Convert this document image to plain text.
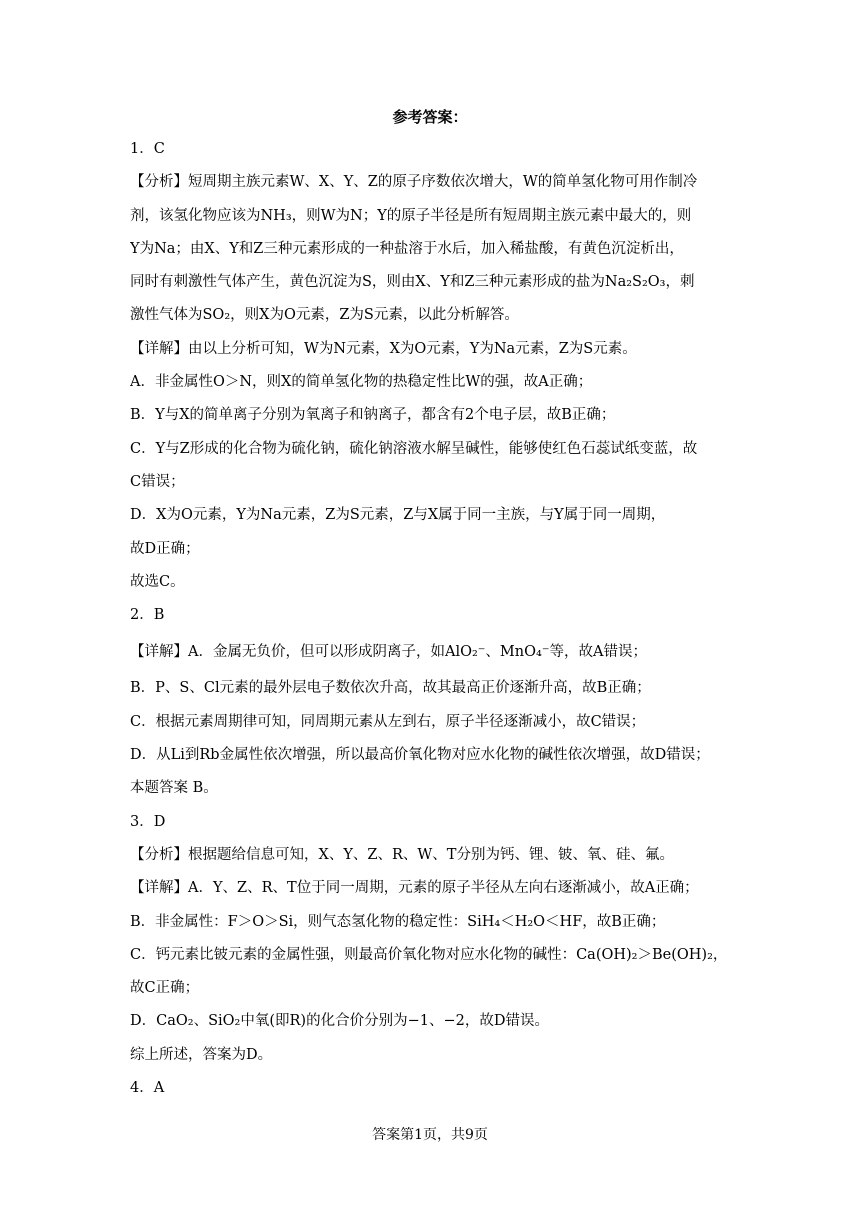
参考答案：
1．C
【分析】短周期主族元素W、X、Y、Z的原子序数依次增大，W的简单氢化物可用作制冷
剂，该氢化物应该为NH₃，则W为N；Y的原子半径是所有短周期主族元素中最大的，则
Y为Na；由X、Y和Z三种元素形成的一种盐溶于水后，加入稀盐酸，有黄色沉淀析出，
同时有刺激性气体产生，黄色沉淀为S，则由X、Y和Z三种元素形成的盐为Na₂S₂O₃，刺
激性气体为SO₂，则X为O元素，Z为S元素，以此分析解答。
【详解】由以上分析可知，W为N元素，X为O元素，Y为Na元素，Z为S元素。
A．非金属性O＞N，则X的简单氢化物的热稳定性比W的强，故A正确；
B．Y与X的简单离子分别为氧离子和钠离子，都含有2个电子层，故B正确；
C．Y与Z形成的化合物为硫化钠，硫化钠溶液水解呈碱性，能够使红色石蕊试纸变蓝，故
C错误；
D．X为O元素，Y为Na元素，Z为S元素，Z与X属于同一主族，与Y属于同一周期，
故D正确；
故选C。
2．B
【详解】A．金属无负价，但可以形成阴离子，如AlO₂⁻、MnO₄⁻等，故A错误；
B．P、S、Cl元素的最外层电子数依次升高，故其最高正价逐渐升高，故B正确；
C．根据元素周期律可知，同周期元素从左到右，原子半径逐渐减小，故C错误；
D．从Li到Rb金属性依次增强，所以最高价氧化物对应水化物的碱性依次增强，故D错误；
本题答案 B。
3．D
【分析】根据题给信息可知，X、Y、Z、R、W、T分别为钙、锂、铍、氧、硅、氟。
【详解】A．Y、Z、R、T位于同一周期，元素的原子半径从左向右逐渐减小，故A正确；
B．非金属性：F＞O＞Si，则气态氢化物的稳定性：SiH₄＜H₂O＜HF，故B正确；
C．钙元素比铍元素的金属性强，则最高价氧化物对应水化物的碱性：Ca(OH)₂＞Be(OH)₂，
故C正确；
D．CaO₂、SiO₂中氧(即R)的化合价分别为−1、−2，故D错误。
综上所述，答案为D。
4．A
答案第1页，共9页
